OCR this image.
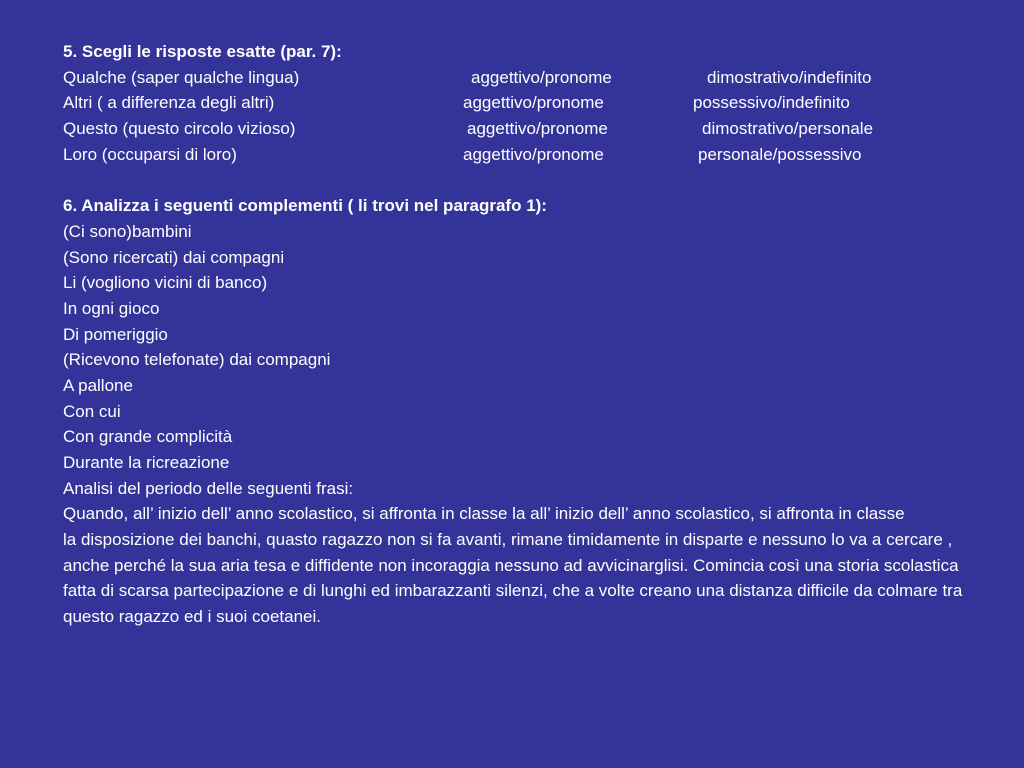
5. Scegli le risposte esatte (par. 7):
Qualche (saper qualche lingua)	aggettivo/pronome	dimostrativo/indefinito
Altri ( a differenza degli altri)	aggettivo/pronome	possessivo/indefinito
Questo (questo circolo vizioso)	aggettivo/pronome	dimostrativo/personale
Loro (occuparsi di loro)	aggettivo/pronome	personale/possessivo
6. Analizza i seguenti complementi ( li trovi nel paragrafo 1):
(Ci sono)bambini
(Sono ricercati) dai compagni
Li (vogliono vicini di banco)
In ogni gioco
Di pomeriggio
(Ricevono telefonate) dai compagni
A pallone
Con cui
Con grande complicità
Durante la ricreazione
Analisi del periodo delle seguenti frasi:
Quando, all’ inizio dell’ anno scolastico, si affronta in classe la all’ inizio dell’ anno scolastico, si affronta in classe
la disposizione dei banchi, quasto ragazzo non si fa avanti, rimane timidamente in disparte e nessuno lo va a cercare ,
anche perché la sua aria tesa e diffidente non incoraggia nessuno ad avvicinarglisi. Comincia così una storia scolastica
fatta di scarsa partecipazione e di lunghi ed imbarazzanti silenzi, che a volte creano una distanza difficile da colmare tra
questo ragazzo ed i suoi coetanei.
